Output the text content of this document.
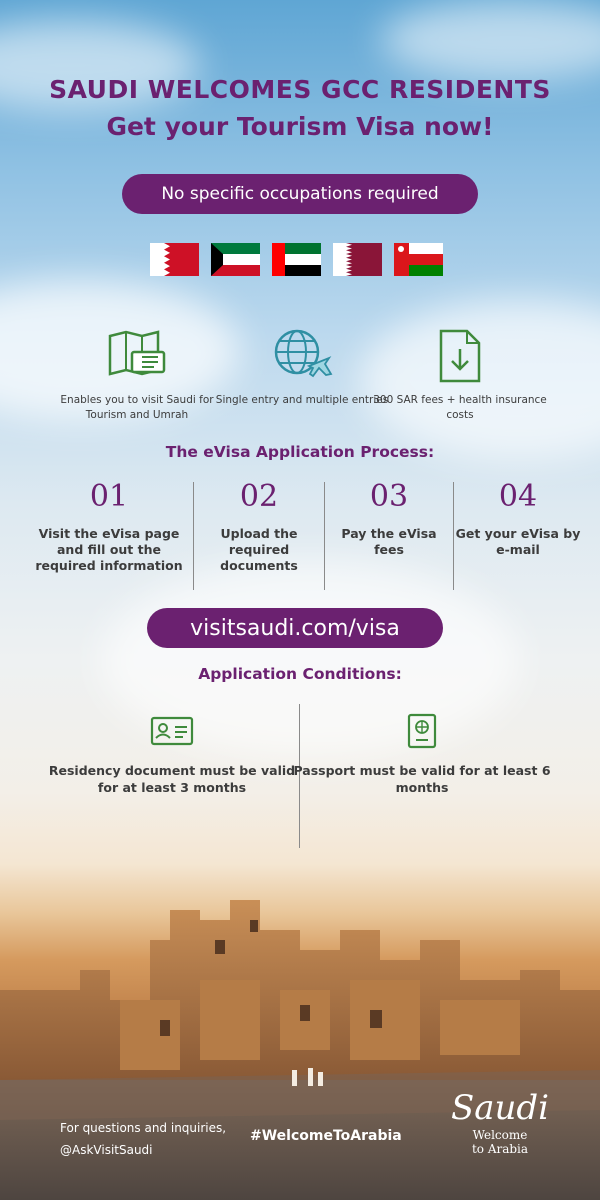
SAUDI WELCOMES GCC RESIDENTS
Get your Tourism Visa now!
No specific occupations required
Enables you to visit Saudi for Tourism and Umrah
Single entry and multiple entries
300 SAR fees + health insurance costs
The eVisa Application Process:
01
Visit the eVisa page and fill out the required information
02
Upload the required documents
03
Pay the eVisa fees
04
Get your eVisa by e-mail
visitsaudi.com/visa
Application Conditions:
Residency document must be valid for at least 3 months
Passport must be valid for at least 6 months
For questions and inquiries,
@AskVisitSaudi
#WelcomeToArabia
Saudi
Welcome
to Arabia
